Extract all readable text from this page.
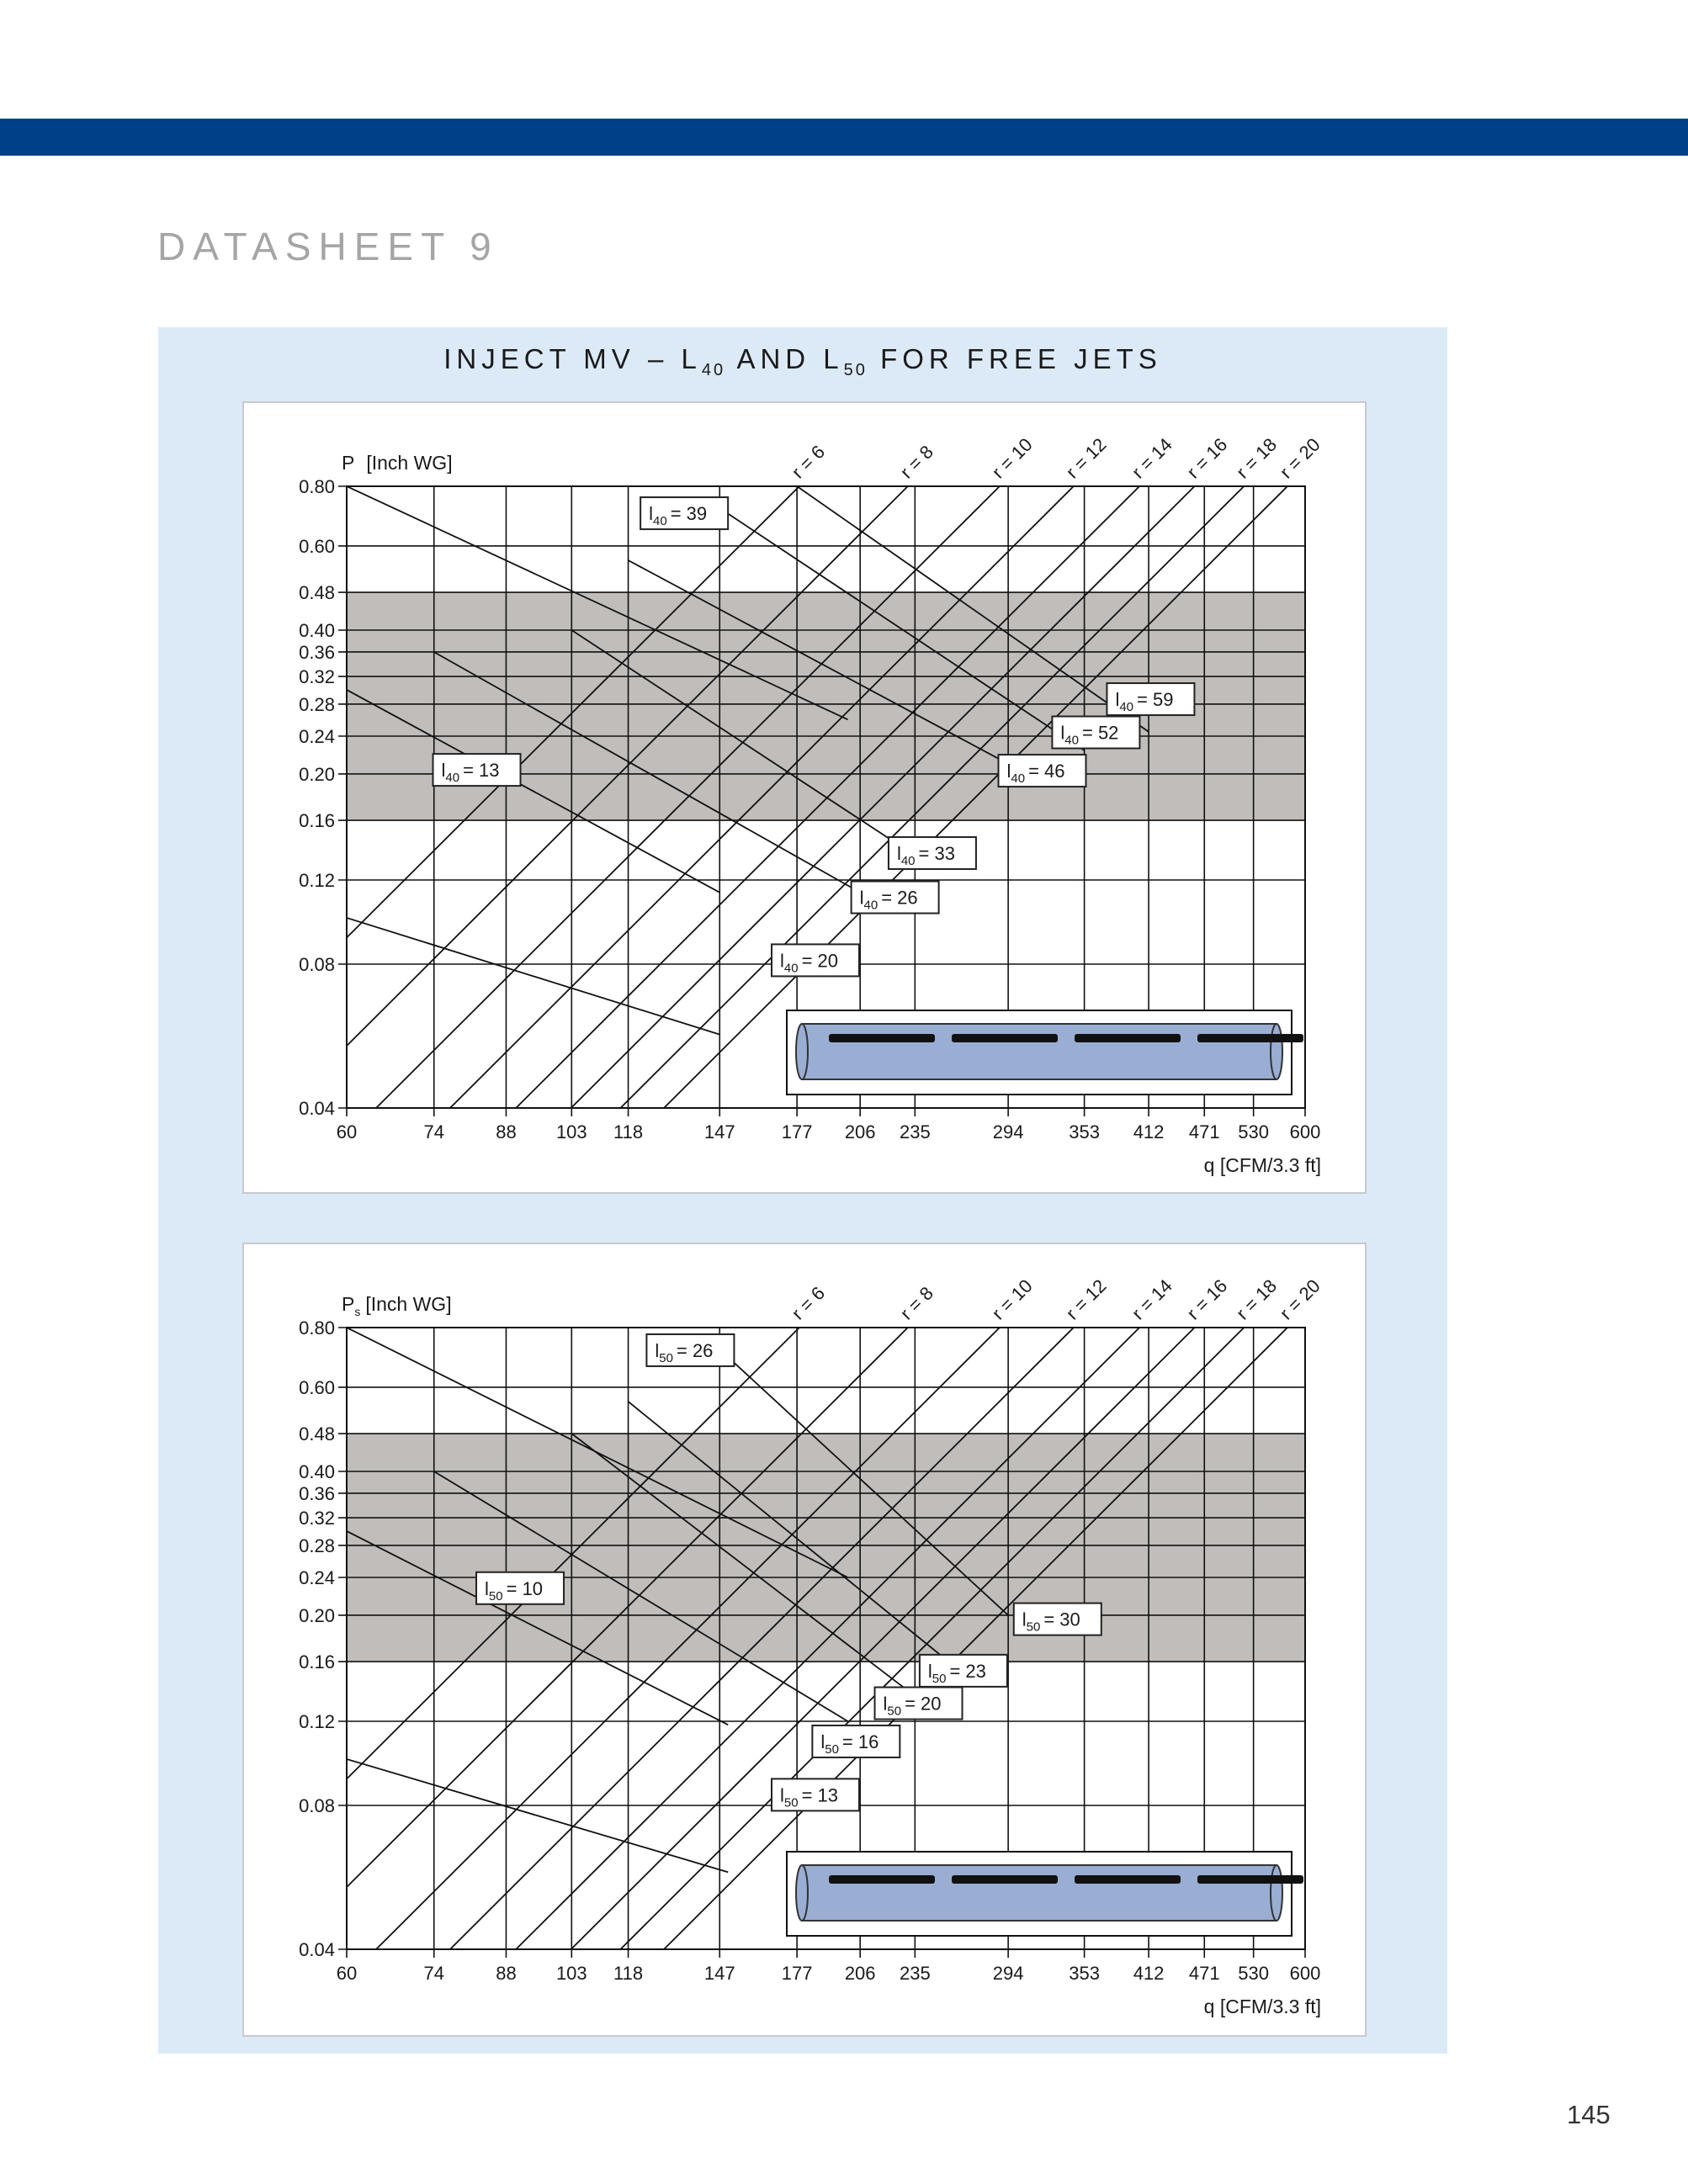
DATASHEET 9
INJECT MV – $L_{40}$ AND $L_{50}$ FOR FREE JETS
0.04
0.08
0.12
0.16
0.20
0.24
0.28
0.32
0.36
0.40
0.48
0.60
0.80
60	74	88 103 118	147	177 206 235	294 353 412 471 530 600
r = 6	r = 8	r = 10 r = 12 r = 14 r = 16 r = 18
r = 20
$l_{40} = 13$
$l_{40} = 20$
$l_{40} = 26$
$l_{40} = 33$
$l_{40} = 46$
$l_{40} = 52$
$l_{40} = 59$
$l_{40} = 39$
P [Inch WG]
q [CFM/3.3 ft]
0.04
0.08
0.12
0.16
0.20
0.24
0.28
0.32
0.36
0.40
0.48
0.60
0.80
60	74	88 103 118	147	177 206 235	294 353 412 471 530 600
r = 6	r = 8	r = 10 r = 12 r = 14 r = 16 r = 18
r = 20
$l_{50} = 10$
$l_{50} = 13$
$l_{50} = 16$
$l_{50} = 20$
$l_{50} = 23$
$l_{50} = 30$
$l_{50} = 26$
$P_s$ [Inch WG]
q [CFM/3.3 ft]
145
